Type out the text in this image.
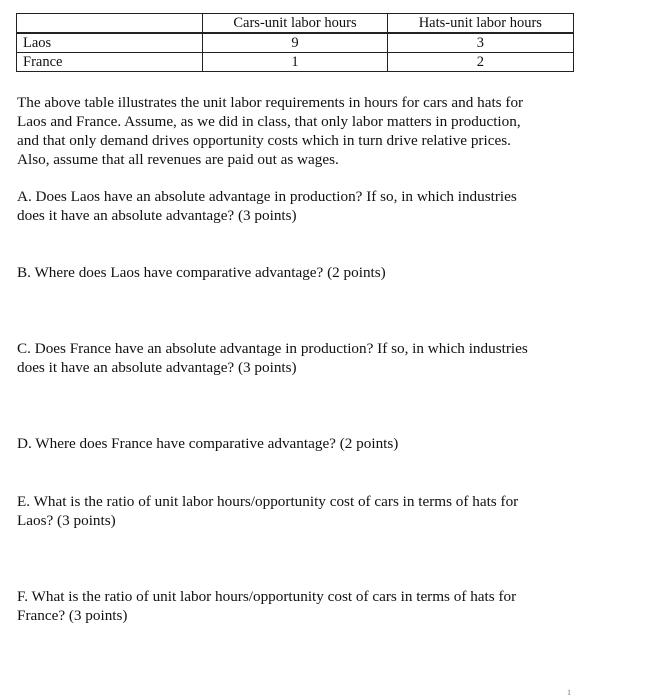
	Cars-unit labor hours	Hats-unit labor hours
Laos	9	3
France	1	2

The above table illustrates the unit labor requirements in hours for cars and hats for
Laos and France. Assume, as we did in class, that only labor matters in production,
and that only demand drives opportunity costs which in turn drive relative prices.
Also, assume that all revenues are paid out as wages.

A. Does Laos have an absolute advantage in production? If so, in which industries
does it have an absolute advantage? (3 points)

B. Where does Laos have comparative advantage? (2 points)

C. Does France have an absolute advantage in production? If so, in which industries
does it have an absolute advantage? (3 points)

D. Where does France have comparative advantage? (2 points)

E. What is the ratio of unit labor hours/opportunity cost of cars in terms of hats for
Laos? (3 points)

F. What is the ratio of unit labor hours/opportunity cost of cars in terms of hats for
France? (3 points)

1
